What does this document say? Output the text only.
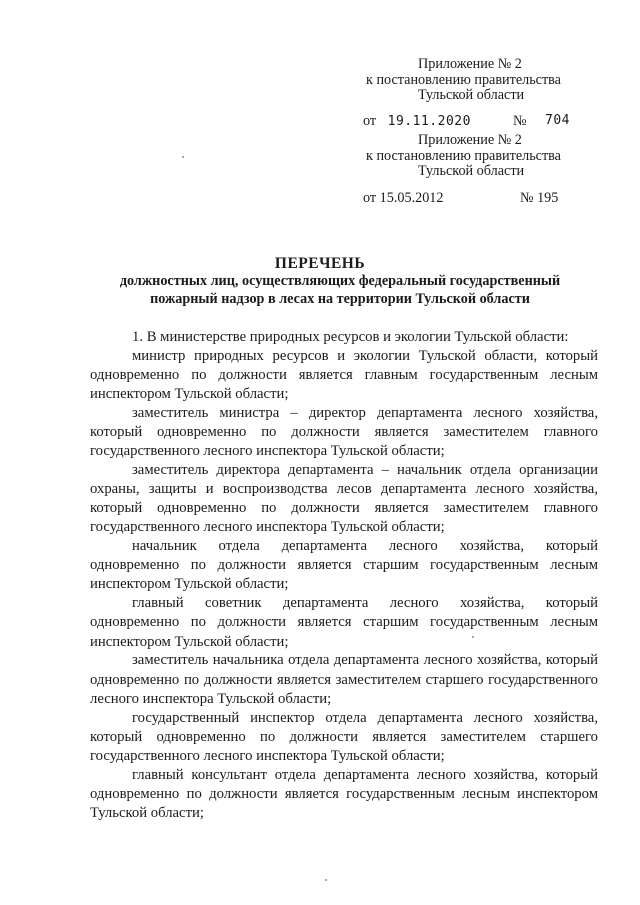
Приложение № 2
к постановлению правительства
Тульской области
от 19.11.2020	№ 704
Приложение № 2
к постановлению правительства
Тульской области
от 15.05.2012	№ 195
ПЕРЕЧЕНЬ
должностных лиц, осуществляющих федеральный государственный
пожарный надзор в лесах на территории Тульской области

1. В министерстве природных ресурсов и экологии Тульской области:

министр природных ресурсов и экологии Тульской области, который одновременно по должности является главным государственным лесным инспектором Тульской области;

заместитель министра – директор департамента лесного хозяйства, который одновременно по должности является заместителем главного государственного лесного инспектора Тульской области;

заместитель директора департамента – начальник отдела организации охраны, защиты и воспроизводства лесов департамента лесного хозяйства, который одновременно по должности является заместителем главного государственного лесного инспектора Тульской области;

начальник отдела департамента лесного хозяйства, который одновременно по должности является старшим государственным лесным инспектором Тульской области;

главный советник департамента лесного хозяйства, который одновременно по должности является старшим государственным лесным инспектором Тульской области;

заместитель начальника отдела департамента лесного хозяйства, который одновременно по должности является заместителем старшего государственного лесного инспектора Тульской области;

государственный инспектор отдела департамента лесного хозяйства, который одновременно по должности является заместителем старшего государственного лесного инспектора Тульской области;

главный консультант отдела департамента лесного хозяйства, который одновременно по должности является государственным лесным инспектором Тульской области;
